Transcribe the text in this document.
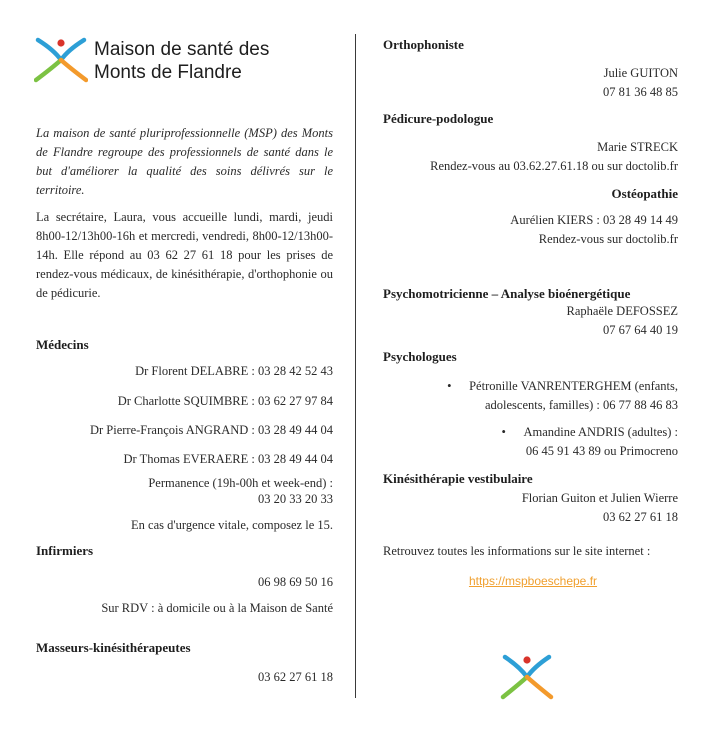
Maison de santé des
Monts de Flandre
La maison de santé pluriprofessionnelle (MSP) des Monts de Flandre regroupe des professionnels de santé dans le but d'améliorer la qualité des soins délivrés sur le territoire.
La secrétaire, Laura, vous accueille lundi, mardi, jeudi 8h00-12/13h00-16h et mercredi, vendredi, 8h00-12/13h00-14h. Elle répond au 03 62 27 61 18 pour les prises de rendez-vous médicaux, de kinésithérapie, d'orthophonie ou de pédicurie.
Médecins
Dr Florent DELABRE : 03 28 42 52 43
Dr Charlotte SQUIMBRE : 03 62 27 97 84
Dr Pierre-François ANGRAND : 03 28 49 44 04
Dr Thomas EVERAERE : 03 28 49 44 04
Permanence (19h-00h et week-end) :
03 20 33 20 33
En cas d'urgence vitale, composez le 15.
Infirmiers
06 98 69 50 16
Sur RDV : à domicile ou à la Maison de Santé
Masseurs-kinésithérapeutes
03 62 27 61 18
Orthophoniste
Julie GUITON
07 81 36 48 85
Pédicure-podologue
Marie STRECK
Rendez-vous au 03.62.27.61.18 ou sur doctolib.fr
Ostéopathie
Aurélien KIERS : 03 28 49 14 49
Rendez-vous sur doctolib.fr
Psychomotricienne – Analyse bioénergétique
Raphaële DEFOSSEZ
07 67 64 40 19
Psychologues
• Pétronille VANRENTERGHEM (enfants,
adolescents, familles) : 06 77 88 46 83
• Amandine ANDRIS (adultes) :
06 45 91 43 89 ou Primocreno
Kinésithérapie vestibulaire
Florian Guiton et Julien Wierre
03 62 27 61 18
Retrouvez toutes les informations sur le site internet :
https://mspboeschepe.fr
